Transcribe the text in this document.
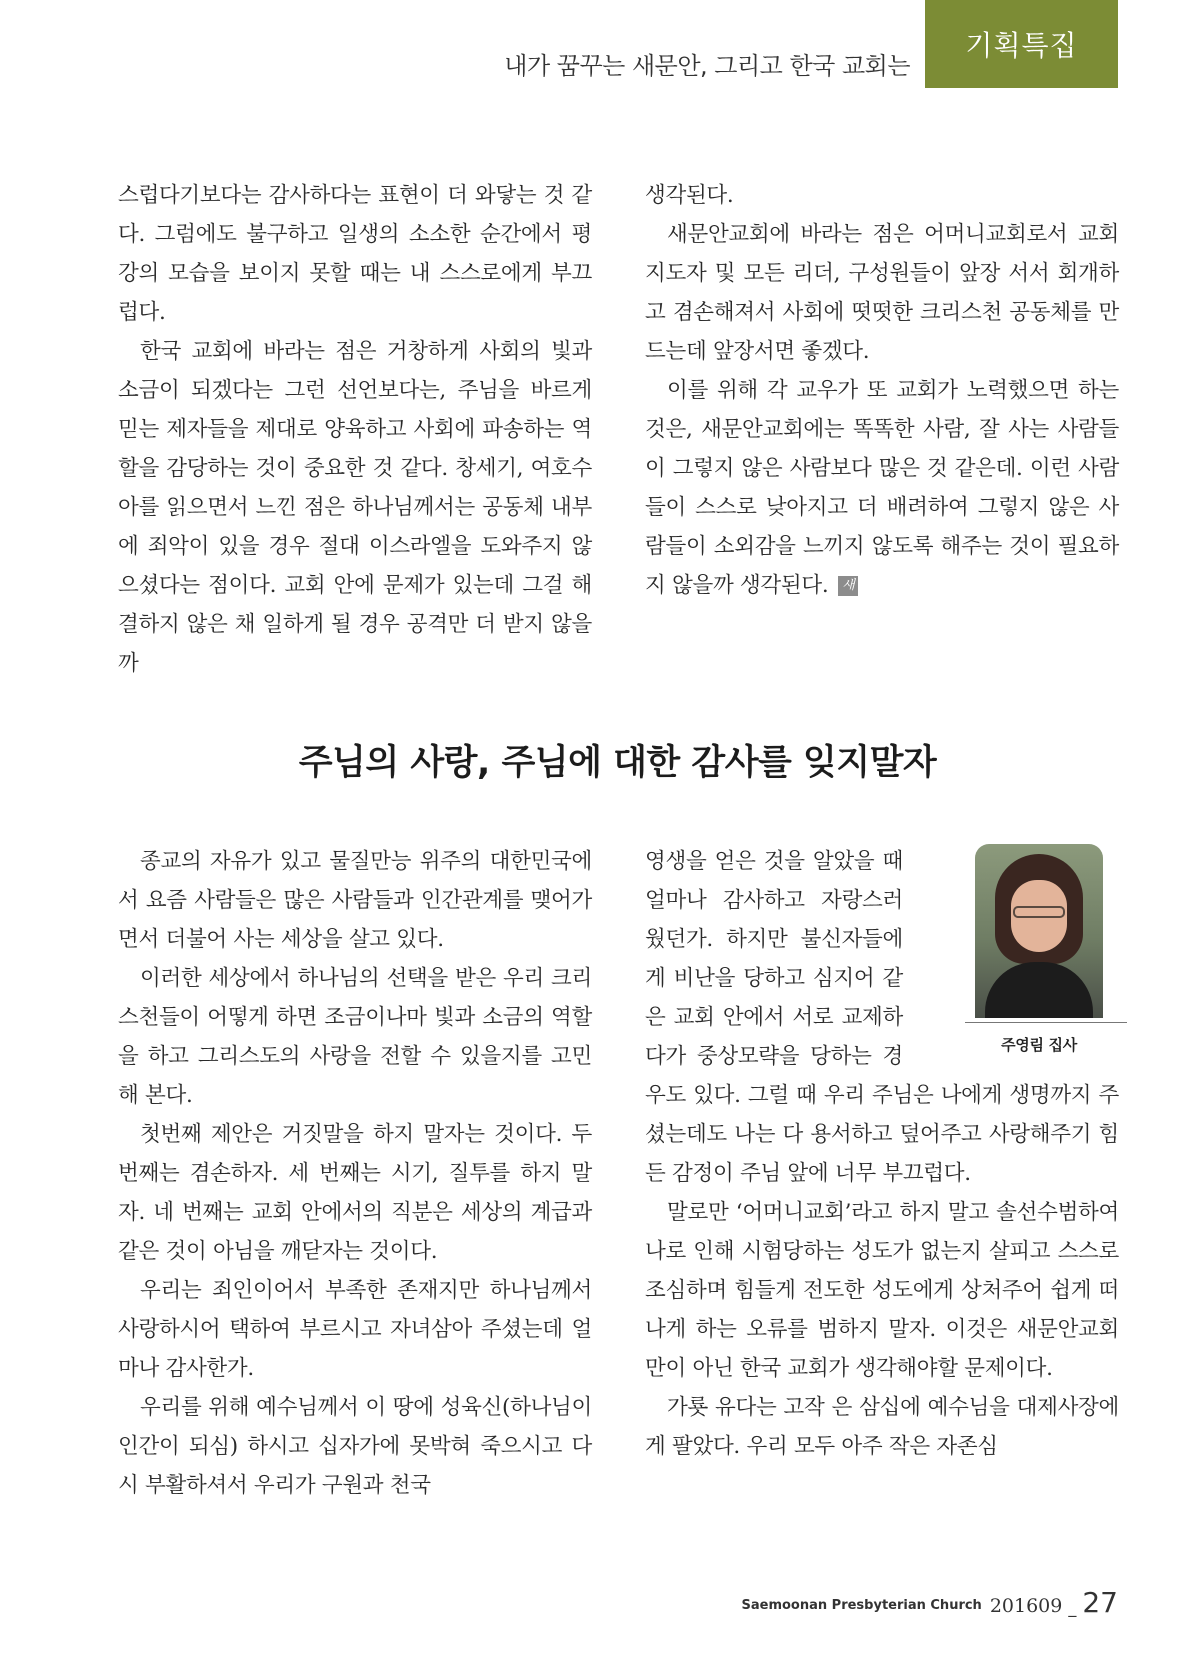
내가 꿈꾸는 새문안, 그리고 한국 교회는
기획특집

스럽다기보다는 감사하다는 표현이 더 와닿는 것 같다. 그럼에도 불구하고 일생의 소소한 순간에서 평강의 모습을 보이지 못할 때는 내 스스로에게 부끄럽다.

한국 교회에 바라는 점은 거창하게 사회의 빛과 소금이 되겠다는 그런 선언보다는, 주님을 바르게 믿는 제자들을 제대로 양육하고 사회에 파송하는 역할을 감당하는 것이 중요한 것 같다. 창세기, 여호수아를 읽으면서 느낀 점은 하나님께서는 공동체 내부에 죄악이 있을 경우 절대 이스라엘을 도와주지 않으셨다는 점이다. 교회 안에 문제가 있는데 그걸 해결하지 않은 채 일하게 될 경우 공격만 더 받지 않을까

생각된다.

새문안교회에 바라는 점은 어머니교회로서 교회 지도자 및 모든 리더, 구성원들이 앞장 서서 회개하고 겸손해져서 사회에 떳떳한 크리스천 공동체를 만드는데 앞장서면 좋겠다.

이를 위해 각 교우가 또 교회가 노력했으면 하는 것은, 새문안교회에는 똑똑한 사람, 잘 사는 사람들이 그렇지 않은 사람보다 많은 것 같은데. 이런 사람들이 스스로 낮아지고 더 배려하여 그렇지 않은 사람들이 소외감을 느끼지 않도록 해주는 것이 필요하지 않을까 생각된다. 새

주님의 사랑, 주님에 대한 감사를 잊지말자

종교의 자유가 있고 물질만능 위주의 대한민국에서 요즘 사람들은 많은 사람들과 인간관계를 맺어가면서 더불어 사는 세상을 살고 있다.

이러한 세상에서 하나님의 선택을 받은 우리 크리스천들이 어떻게 하면 조금이나마 빛과 소금의 역할을 하고 그리스도의 사랑을 전할 수 있을지를 고민해 본다.

첫번째 제안은 거짓말을 하지 말자는 것이다. 두 번째는 겸손하자. 세 번째는 시기, 질투를 하지 말자. 네 번째는 교회 안에서의 직분은 세상의 계급과 같은 것이 아님을 깨닫자는 것이다.

우리는 죄인이어서 부족한 존재지만 하나님께서 사랑하시어 택하여 부르시고 자녀삼아 주셨는데 얼마나 감사한가.

우리를 위해 예수님께서 이 땅에 성육신(하나님이 인간이 되심) 하시고 십자가에 못박혀 죽으시고 다시 부활하셔서 우리가 구원과 천국

주영림 집사

영생을 얻은 것을 알았을 때 얼마나 감사하고 자랑스러웠던가. 하지만 불신자들에게 비난을 당하고 심지어 같은 교회 안에서 서로 교제하다가 중상모략을 당하는 경우도 있다. 그럴 때 우리 주님은 나에게 생명까지 주셨는데도 나는 다 용서하고 덮어주고 사랑해주기 힘든 감정이 주님 앞에 너무 부끄럽다.

말로만 ‘어머니교회’라고 하지 말고 솔선수범하여 나로 인해 시험당하는 성도가 없는지 살피고 스스로 조심하며 힘들게 전도한 성도에게 상처주어 쉽게 떠나게 하는 오류를 범하지 말자. 이것은 새문안교회만이 아닌 한국 교회가 생각해야할 문제이다.

가룟 유다는 고작 은 삼십에 예수님을 대제사장에게 팔았다. 우리 모두 아주 작은 자존심

Saemoonan Presbyterian Church 201609 _ 27
